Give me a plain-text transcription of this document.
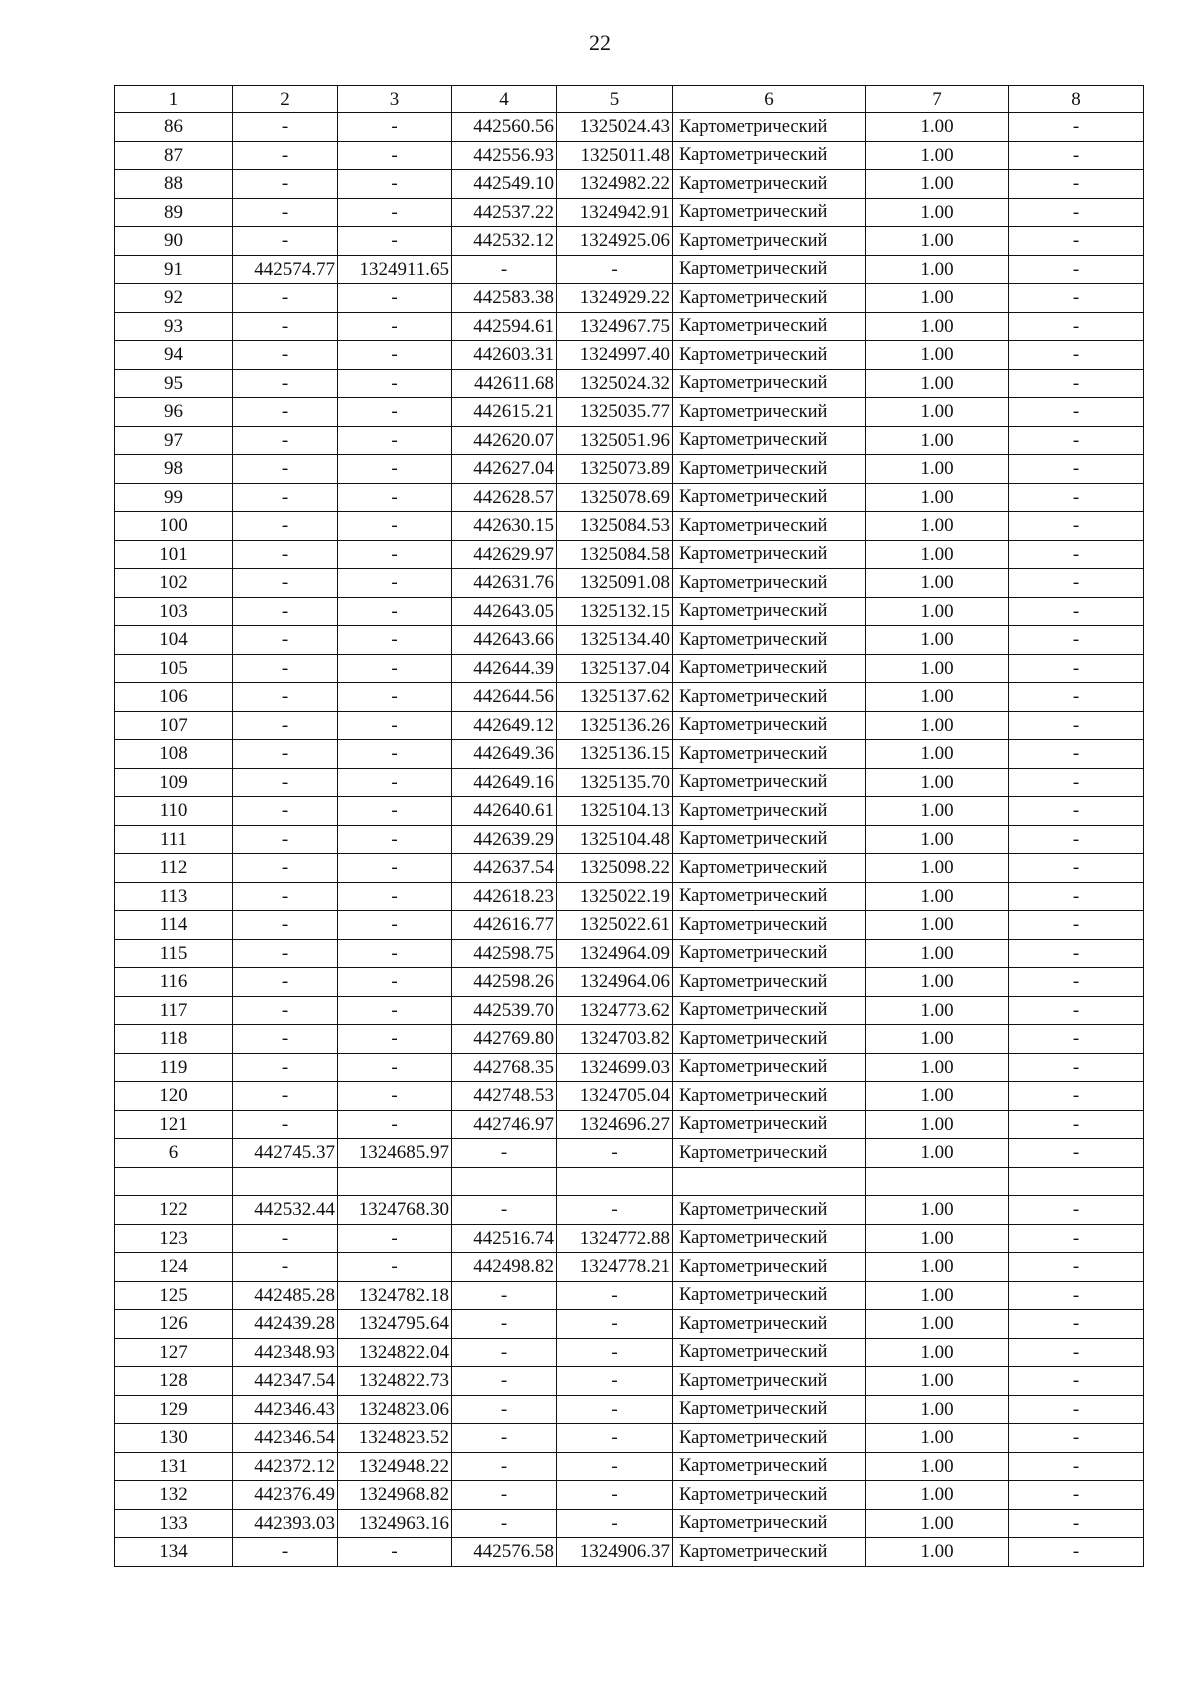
22
1	2	3	4	5	6	7	8
86	-	-	442560.56	1325024.43	Картометрический	1.00	-
87	-	-	442556.93	1325011.48	Картометрический	1.00	-
88	-	-	442549.10	1324982.22	Картометрический	1.00	-
89	-	-	442537.22	1324942.91	Картометрический	1.00	-
90	-	-	442532.12	1324925.06	Картометрический	1.00	-
91	442574.77	1324911.65	-	-	Картометрический	1.00	-
92	-	-	442583.38	1324929.22	Картометрический	1.00	-
93	-	-	442594.61	1324967.75	Картометрический	1.00	-
94	-	-	442603.31	1324997.40	Картометрический	1.00	-
95	-	-	442611.68	1325024.32	Картометрический	1.00	-
96	-	-	442615.21	1325035.77	Картометрический	1.00	-
97	-	-	442620.07	1325051.96	Картометрический	1.00	-
98	-	-	442627.04	1325073.89	Картометрический	1.00	-
99	-	-	442628.57	1325078.69	Картометрический	1.00	-
100	-	-	442630.15	1325084.53	Картометрический	1.00	-
101	-	-	442629.97	1325084.58	Картометрический	1.00	-
102	-	-	442631.76	1325091.08	Картометрический	1.00	-
103	-	-	442643.05	1325132.15	Картометрический	1.00	-
104	-	-	442643.66	1325134.40	Картометрический	1.00	-
105	-	-	442644.39	1325137.04	Картометрический	1.00	-
106	-	-	442644.56	1325137.62	Картометрический	1.00	-
107	-	-	442649.12	1325136.26	Картометрический	1.00	-
108	-	-	442649.36	1325136.15	Картометрический	1.00	-
109	-	-	442649.16	1325135.70	Картометрический	1.00	-
110	-	-	442640.61	1325104.13	Картометрический	1.00	-
111	-	-	442639.29	1325104.48	Картометрический	1.00	-
112	-	-	442637.54	1325098.22	Картометрический	1.00	-
113	-	-	442618.23	1325022.19	Картометрический	1.00	-
114	-	-	442616.77	1325022.61	Картометрический	1.00	-
115	-	-	442598.75	1324964.09	Картометрический	1.00	-
116	-	-	442598.26	1324964.06	Картометрический	1.00	-
117	-	-	442539.70	1324773.62	Картометрический	1.00	-
118	-	-	442769.80	1324703.82	Картометрический	1.00	-
119	-	-	442768.35	1324699.03	Картометрический	1.00	-
120	-	-	442748.53	1324705.04	Картометрический	1.00	-
121	-	-	442746.97	1324696.27	Картометрический	1.00	-
6	442745.37	1324685.97	-	-	Картометрический	1.00	-

122	442532.44	1324768.30	-	-	Картометрический	1.00	-
123	-	-	442516.74	1324772.88	Картометрический	1.00	-
124	-	-	442498.82	1324778.21	Картометрический	1.00	-
125	442485.28	1324782.18	-	-	Картометрический	1.00	-
126	442439.28	1324795.64	-	-	Картометрический	1.00	-
127	442348.93	1324822.04	-	-	Картометрический	1.00	-
128	442347.54	1324822.73	-	-	Картометрический	1.00	-
129	442346.43	1324823.06	-	-	Картометрический	1.00	-
130	442346.54	1324823.52	-	-	Картометрический	1.00	-
131	442372.12	1324948.22	-	-	Картометрический	1.00	-
132	442376.49	1324968.82	-	-	Картометрический	1.00	-
133	442393.03	1324963.16	-	-	Картометрический	1.00	-
134	-	-	442576.58	1324906.37	Картометрический	1.00	-
